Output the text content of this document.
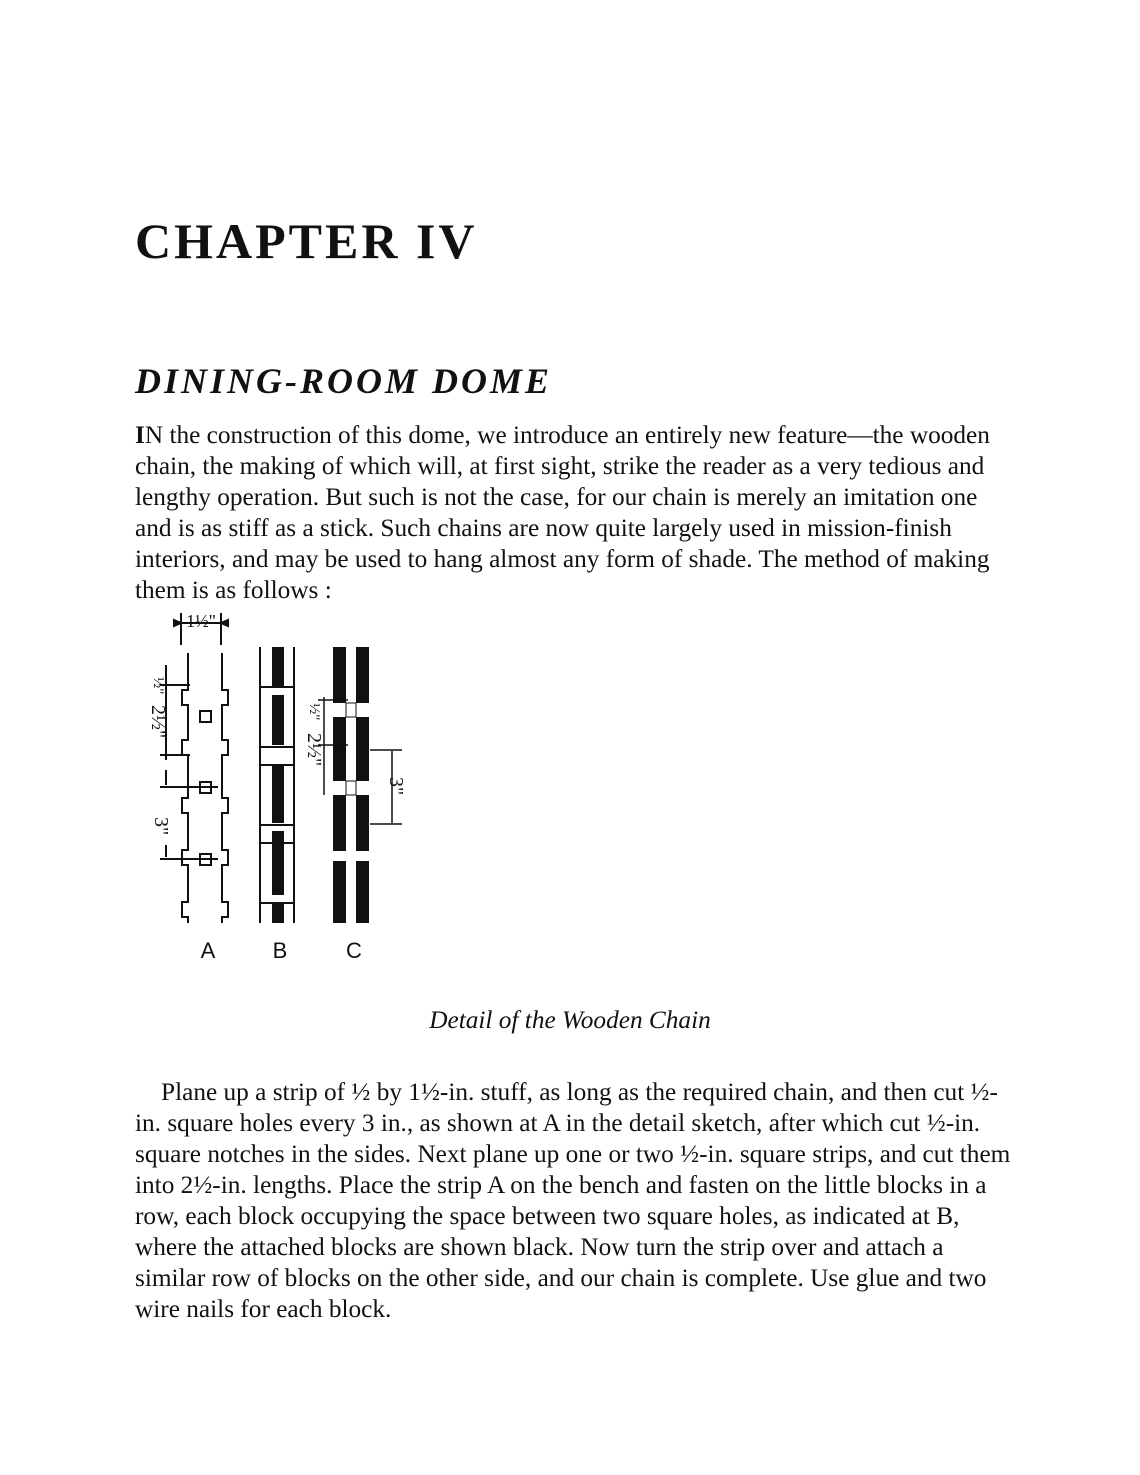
CHAPTER IV
DINING-ROOM DOME

IN the construction of this dome, we introduce an entirely new feature—the wooden chain, the making of which will, at first sight, strike the reader as a very tedious and lengthy operation. But such is not the case, for our chain is merely an imitation one and is as stiff as a stick. Such chains are now quite largely used in mission-finish interiors, and may be used to hang almost any form of shade. The method of making them is as follows :

1½"
½"
2½"
3"
½"
2½"
3"
A	B	C

Detail of the Wooden Chain

Plane up a strip of ½ by 1½-in. stuff, as long as the required chain, and then cut ½-in. square holes every 3 in., as shown at A in the detail sketch, after which cut ½-in. square notches in the sides. Next plane up one or two ½-in. square strips, and cut them into 2½-in. lengths. Place the strip A on the bench and fasten on the little blocks in a row, each block occupying the space between two square holes, as indicated at B, where the attached blocks are shown black. Now turn the strip over and attach a similar row of blocks on the other side, and our chain is complete. Use glue and two wire nails for each block.
